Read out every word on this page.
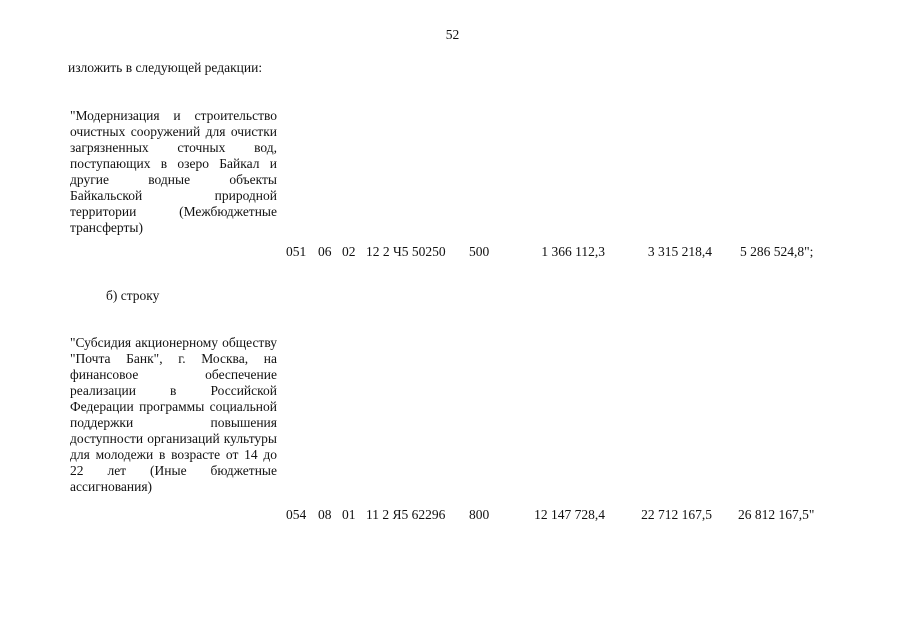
52
изложить в следующей редакции:
"Модернизация и строительство очистных сооружений для очистки загрязненных сточных вод, поступающих в озеро Байкал и другие водные объекты Байкальской природной территории (Межбюджетные трансферты)
051 06 02 12 2 Ч5 50250 500	1 366 112,3	3 315 218,4 5 286 524,8";
б) строку
"Субсидия акционерному обществу "Почта Банк", г. Москва, на финансовое обеспечение реализации в Российской Федерации программы социальной поддержки повышения доступности организаций культуры для молодежи в возрасте от 14 до 22 лет (Иные бюджетные ассигнования)
054 08 01 11 2 Я5 62296 800	12 147 728,4	22 712 167,5 26 812 167,5"
